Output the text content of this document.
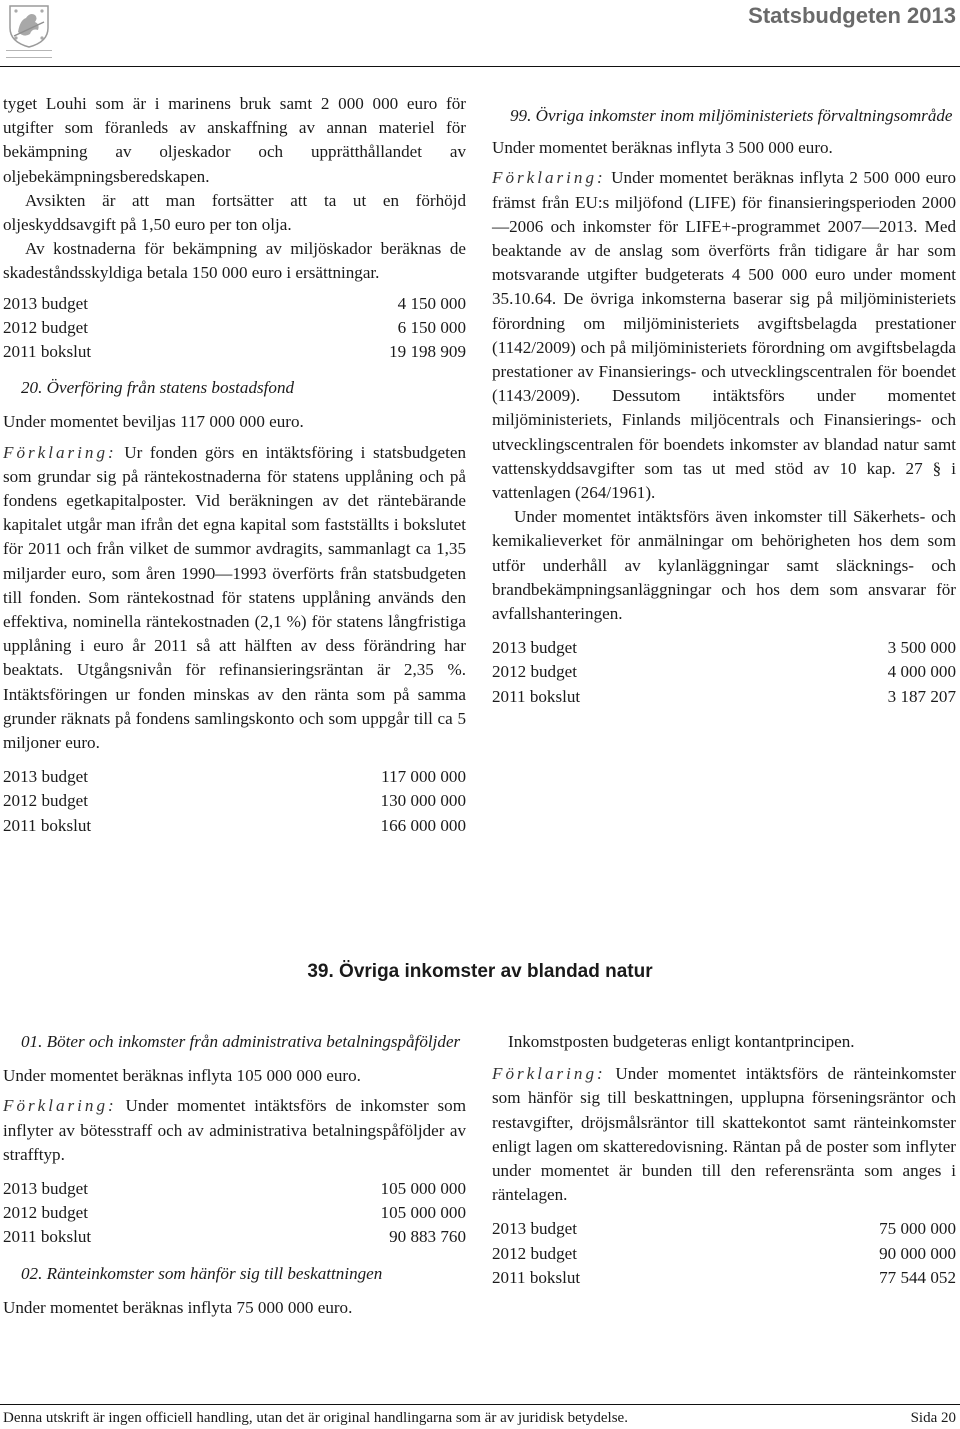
Statsbudgeten 2013

tyget Louhi som är i marinens bruk samt 2 000 000 euro för utgifter som föranleds av anskaffning av annan materiel för bekämpning av oljeskador och upprätthållandet av oljebekämpningsberedskapen.

Avsikten är att man fortsätter att ta ut en förhöjd oljeskyddsavgift på 1,50 euro per ton olja.

Av kostnaderna för bekämpning av miljöskador beräknas de skadeståndsskyldiga betala 150 000 euro i ersättningar.

2013 budget	4 150 000
2012 budget	6 150 000
2011 bokslut	19 198 909

20. Överföring från statens bostadsfond

Under momentet beviljas 117 000 000 euro.

Förklaring: Ur fonden görs en intäktsföring i statsbudgeten som grundar sig på räntekostnaderna för statens upplåning och på fondens egetkapitalposter. Vid beräkningen av det räntebärande kapitalet utgår man ifrån det egna kapital som fastställts i bokslutet för 2011 och från vilket de summor avdragits, sammanlagt ca 1,35 miljarder euro, som åren 1990—1993 överförts från statsbudgeten till fonden. Som räntekostnad för statens upplåning används den effektiva, nominella räntekostnaden (2,1 %) för statens långfristiga upplåning i euro år 2011 så att hälften av dess förändring har beaktats. Utgångsnivån för refinansieringsräntan är 2,35 %. Intäktsföringen ur fonden minskas av den ränta som på samma grunder räknats på fondens samlingskonto och som uppgår till ca 5 miljoner euro.

2013 budget	117 000 000
2012 budget	130 000 000
2011 bokslut	166 000 000

99. Övriga inkomster inom miljöministeriets förvaltningsområde

Under momentet beräknas inflyta 3 500 000 euro.

Förklaring: Under momentet beräknas inflyta 2 500 000 euro främst från EU:s miljöfond (LIFE) för finansieringsperioden 2000—2006 och inkomster för LIFE+-programmet 2007—2013. Med beaktande av de anslag som överförts från tidigare år har som motsvarande utgifter budgeterats 4 500 000 euro under moment 35.10.64. De övriga inkomsterna baserar sig på miljöministeriets förordning om miljöministeriets avgiftsbelagda prestationer (1142/2009) och på miljöministeriets förordning om avgiftsbelagda prestationer av Finansierings- och utvecklingscentralen för boendet (1143/2009). Dessutom intäktsförs under momentet miljöministeriets, Finlands miljöcentrals och Finansierings- och utvecklingscentralen för boendets inkomster av blandad natur samt vattenskyddsavgifter som tas ut med stöd av 10 kap. 27 § i vattenlagen (264/1961).

Under momentet intäktsförs även inkomster till Säkerhets- och kemikalieverket för anmälningar om behörigheten hos dem som utför underhåll av kylanläggningar samt släcknings- och brandbekämpningsanläggningar och hos dem som ansvarar för avfallshanteringen.

2013 budget	3 500 000
2012 budget	4 000 000
2011 bokslut	3 187 207
39. Övriga inkomster av blandad natur

01. Böter och inkomster från administrativa betalningspåföljder

Under momentet beräknas inflyta 105 000 000 euro.

Förklaring: Under momentet intäktsförs de inkomster som inflyter av bötesstraff och av administrativa betalningspåföljder av strafftyp.

2013 budget	105 000 000
2012 budget	105 000 000
2011 bokslut	90 883 760

02. Ränteinkomster som hänför sig till beskattningen

Under momentet beräknas inflyta 75 000 000 euro.

Inkomstposten budgeteras enligt kontantprincipen.

Förklaring: Under momentet intäktsförs de ränteinkomster som hänför sig till beskattningen, upplupna förseningsräntor och restavgifter, dröjsmålsräntor till skattekontot samt ränteinkomster enligt lagen om skatteredovisning. Räntan på de poster som inflyter under momentet är bunden till den referensränta som anges i räntelagen.

2013 budget	75 000 000
2012 budget	90 000 000
2011 bokslut	77 544 052
Denna utskrift är ingen officiell handling, utan det är original handlingarna som är av juridisk betydelse.	Sida 20
